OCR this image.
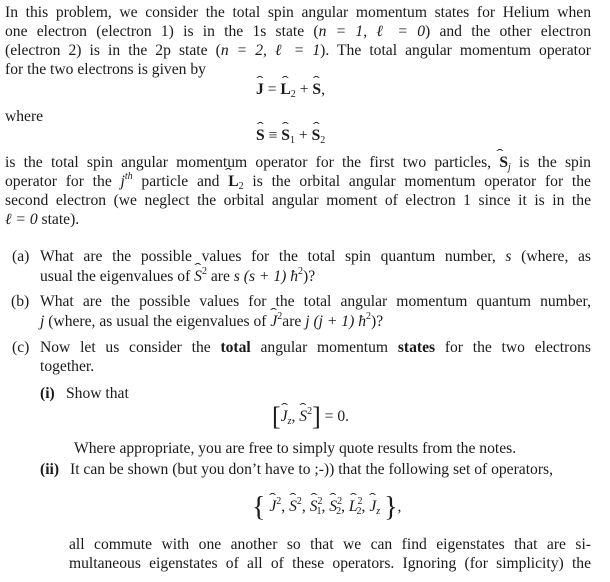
In this problem, we consider the total spin angular momentum states for Helium when
one electron (electron 1) is in the 1s state (n = 1, ℓ = 0) and the other electron
(electron 2) is in the 2p state (n = 2, ℓ = 1). The total angular momentum operator
for the two electrons is given by
ˆ J = ˆ $L_2$ + ˆ S,
where
ˆ S ≡ ˆ $S_1$ + ˆ $S_2$
is the total spin angular momentum operator for the first two particles, ˆ $S_j$ is the spin
operator for the $j^{th}$ particle and ˆ $L_2$ is the orbital angular momentum operator for the
second electron (we neglect the orbital angular moment of electron 1 since it is in the
ℓ = 0 state).
(a) What are the possible values for the total spin quantum number, s (where, as
usual the eigenvalues of ˆ $S^2$ are s (s + 1) $ħ^2$)?
(b) What are the possible values for the total angular momentum quantum number,
j (where, as usual the eigenvalues of ˆ $J^2are$ j (j + 1) $ħ^2$)?
(c) Now let us consider the total angular momentum states for the two electrons
together.
(i) Show that
[ˆ $J_z$, ˆ $S^2] = 0$.
Where appropriate, you are free to simply quote results from the notes.
(ii) It can be shown (but you don’t have to ;-)) that the following set of operators,
{ ˆ $J^2$, ˆ $S^2$, ˆ $S^2_1$, ˆ $S^2_2$, ˆ $L^2_2$, ˆ $J_z$ },
all commute with one another so that we can find eigenstates that are si-
multaneous eigenstates of all of these operators. Ignoring (for simplicity) the
